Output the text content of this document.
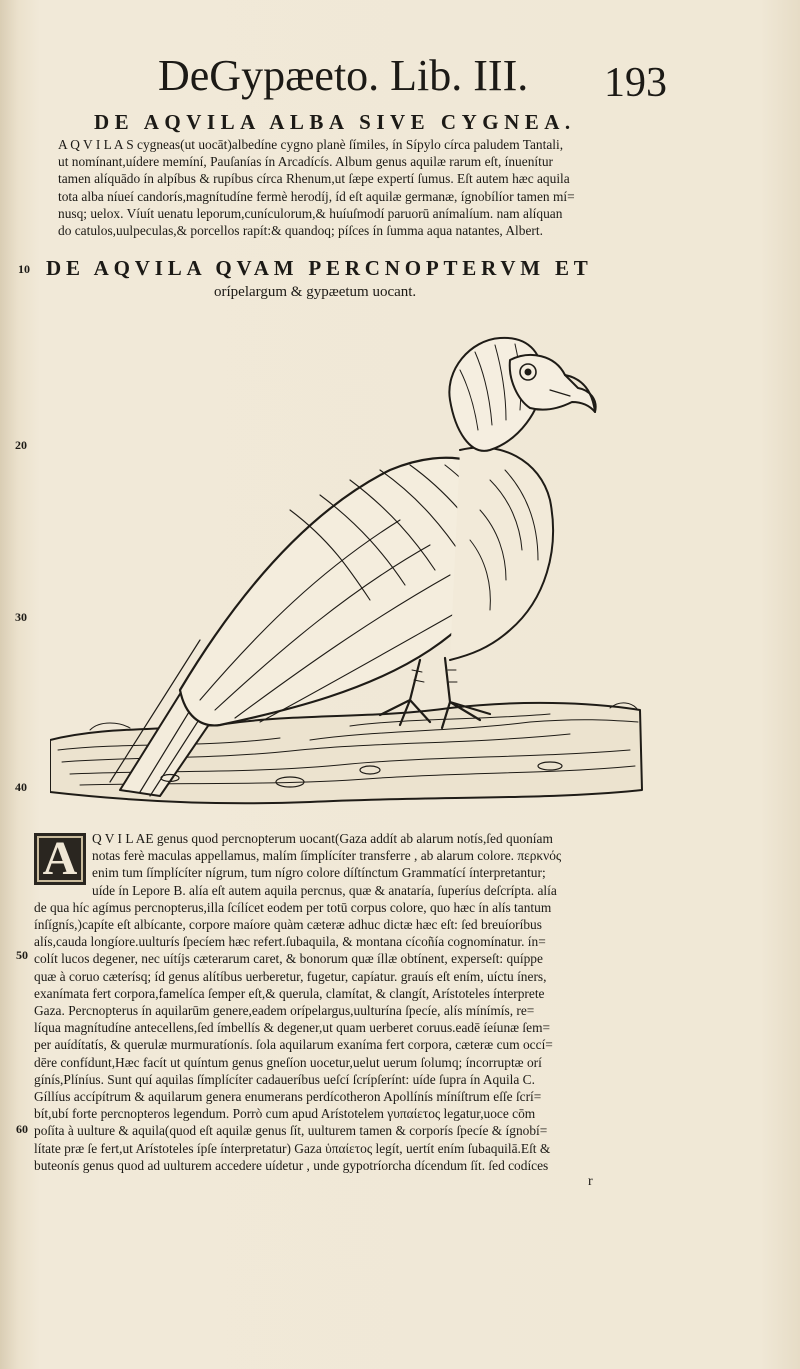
DeGypæeto. Lib. III.	193
DE AQVILA ALBA SIVE CYGNEA.
A Q V I L A S cygneas(ut uocāt)albedíne cygno planè ſímiles, ín Sípylo círca paludem Tantali,
ut nomínant,uídere memíní, Pauſanías ín Arcadícís. Album genus aquilæ rarum eſt, ínuenítur
tamen alíquādo ín alpíbus & rupíbus círca Rhenum,ut ſæpe expertí ſumus. Eſt autem hæc aquila
tota alba níueí candorís,magnítudíne fermè herodíj, íd eſt aquilæ germanæ, ígnobílíor tamen mí=
nusq; uelox. Víuít uenatu leporum,cunículorum,& huíuſmodí paruorū anímalíum. nam alíquan
do catulos,uulpeculas,& porcellos rapít:& quandoq; píſces ín ſumma aqua natantes, Albert.
10
20
30
40
50
60
DE AQVILA QVAM PERCNOPTERVM ET
orípelargum & gypæetum uocant.
A	Q V I L AE genus quod percnopterum uocant(Gaza addít ab alarum notís,ſed quoníam
notas ferè maculas appellamus, malím ſímplícíter transferre , ab alarum colore. περκνός
enim tum ſímplícíter nígrum, tum nígro colore díſtínctum Grammatící ínterpretantur;
uíde ín Lepore B. alía eſt autem aquila percnus, quæ & anataría, ſuperíus deſcrípta. alía
de qua híc agímus percnopterus,illa ſcílícet eodem per totū corpus colore, quo hæc ín alís tantum
ínſígnís,)capíte eſt albícante, corpore maíore quàm cæteræ adhuc dictæ hæc eſt: ſed breuíoríbus
alís,cauda longíore.uulturís ſpecíem hæc refert.ſubaquila, & montana cícoñía cognomínatur. ín=
colít lucos degener, nec uítíjs cæterarum caret, & bonorum quæ íllæ obtínent, experseſt: quíppe
quæ à coruo cæterísq; íd genus alítíbus uerberetur, fugetur, capíatur. grauís eſt ením, uíctu íners,
exanímata fert corpora,famelíca ſemper eſt,& querula, clamítat, & clangít, Arístoteles ínterprete
Gaza. Percnopterus ín aquilarūm genere,eadem orípelargus,uulturína ſpecíe, alís mínímís, re=
líqua magnítudíne antecellens,ſed ímbellís & degener,ut quam uerberet coruus.eadē íeíunæ ſem=
per auídítatís, & querulæ murmuratíonís. ſola aquilarum exaníma fert corpora, cæteræ cum occí=
dēre confídunt,Hæc facít ut quíntum genus gneſíon uocetur,uelut uerum ſolumq; íncorruptæ orí
gínís,Plíníus. Sunt quí aquilas ſímplícíter cadaueríbus ueſcí ſcrípſerínt: uíde ſupra ín Aquila C.
Gíllíus accípítrum & aquilarum genera enumerans perdícotheron Apollínís míníſtrum eſſe ſcrí=
bít,ubí forte percnopteros legendum. Porrò cum apud Arístotelem γυπαίετος legatur,uoce cōm
poſíta à uulture & aquila(quod eſt aquilæ genus ſít, uulturem tamen & corporís ſpecíe & ígnobí=
lítate præ ſe fert,ut Arístoteles ípſe ínterpretatur) Gaza ὑπαίετος legít, uertít ením ſubaquilā.Eſt &
buteonís genus quod ad uulturem accedere uídetur , unde gypotríorcha dícendum ſít. ſed codíces
r
